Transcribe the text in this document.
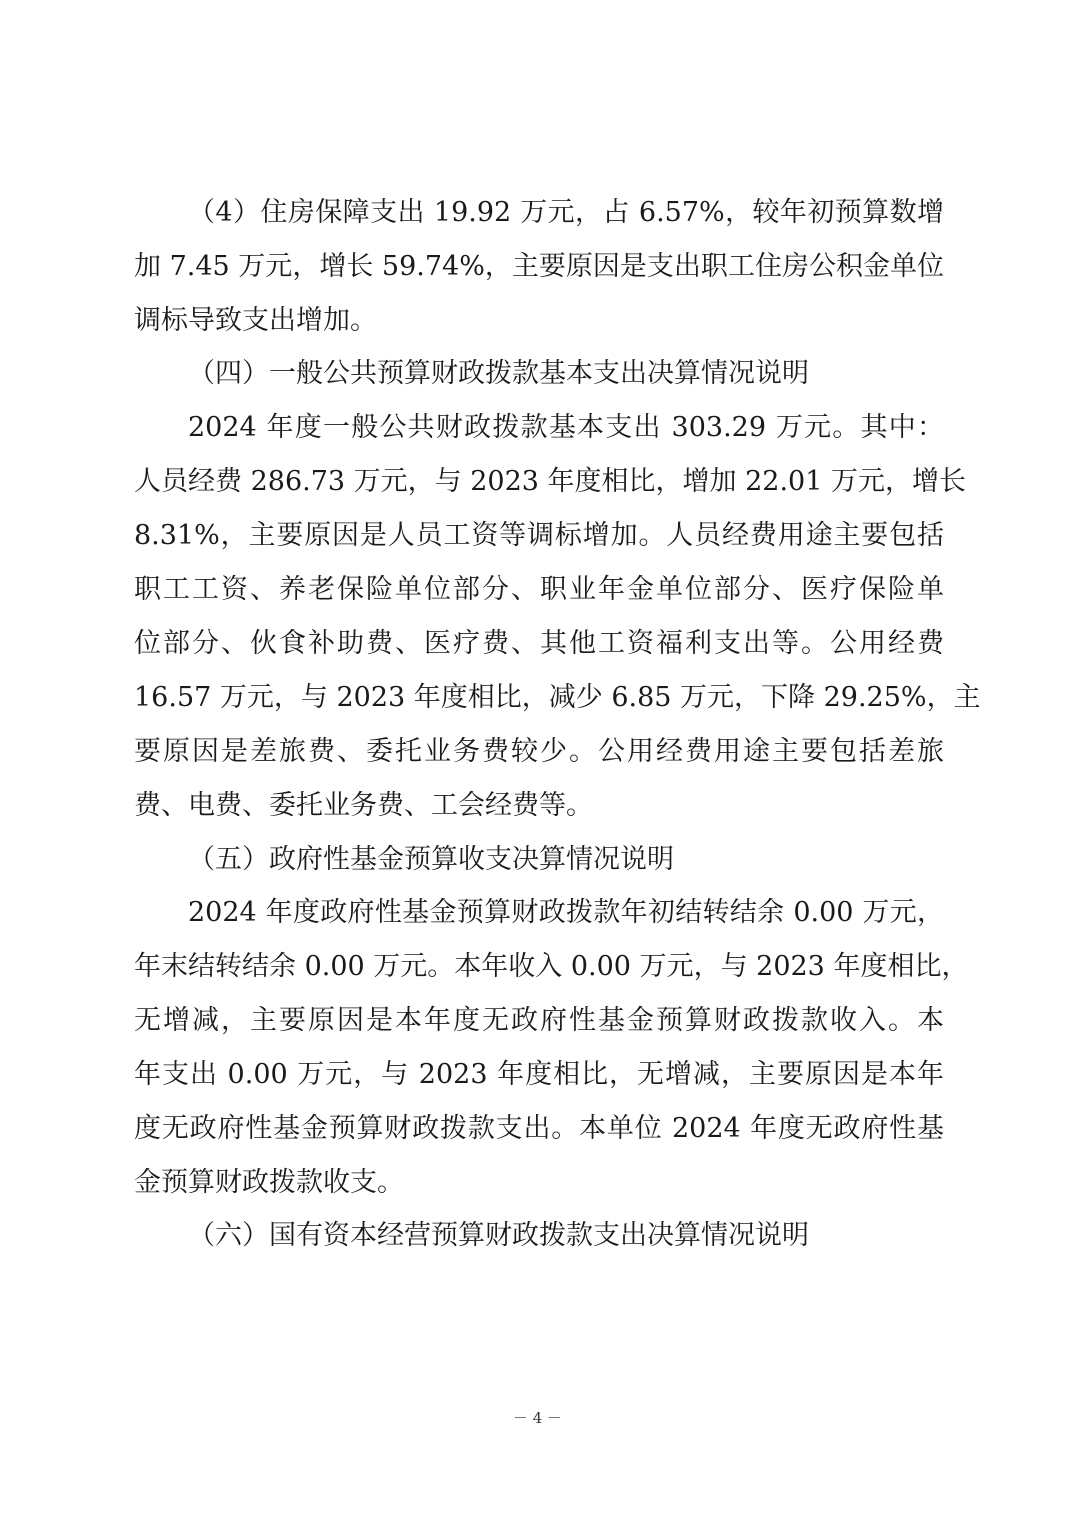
（4）住房保障支出 19.92 万元，占 6.57%，较年初预算数增
加 7.45 万元，增长 59.74%，主要原因是支出职工住房公积金单位
调标导致支出增加。
（四）一般公共预算财政拨款基本支出决算情况说明
2024 年度一般公共财政拨款基本支出 303.29 万元。其中：
人员经费 286.73 万元，与 2023 年度相比，增加 22.01 万元，增长
8.31%，主要原因是人员工资等调标增加。人员经费用途主要包括
职工工资、养老保险单位部分、职业年金单位部分、医疗保险单
位部分、伙食补助费、医疗费、其他工资福利支出等。公用经费
16.57 万元，与 2023 年度相比，减少 6.85 万元，下降 29.25%，主
要原因是差旅费、委托业务费较少。公用经费用途主要包括差旅
费、电费、委托业务费、工会经费等。
（五）政府性基金预算收支决算情况说明
2024 年度政府性基金预算财政拨款年初结转结余 0.00 万元，
年末结转结余 0.00 万元。本年收入 0.00 万元，与 2023 年度相比，
无增减，主要原因是本年度无政府性基金预算财政拨款收入。本
年支出 0.00 万元，与 2023 年度相比，无增减，主要原因是本年
度无政府性基金预算财政拨款支出。本单位 2024 年度无政府性基
金预算财政拨款收支。
（六）国有资本经营预算财政拨款支出决算情况说明
－ 4 －
